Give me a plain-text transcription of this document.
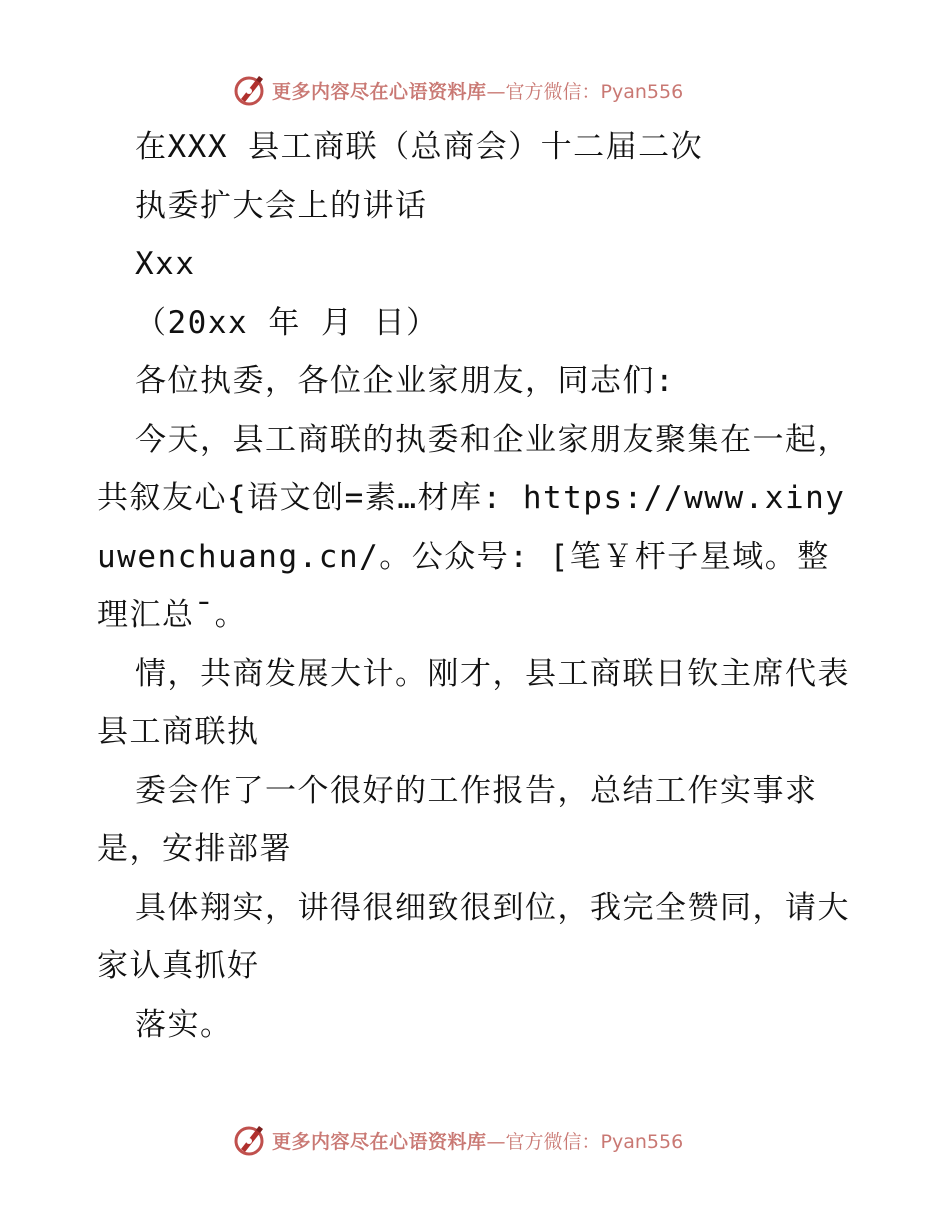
更多内容尽在心语资料库 —官方微信：Pyan556

在XXX 县工商联（总商会）十二届二次

执委扩大会上的讲话

Xxx

（20xx 年 月 日）

各位执委，各位企业家朋友，同志们:

今天，县工商联的执委和企业家朋友聚集在一起，共叙友心{语文创=素…材库: https://www.xinyuwenchuang.cn/。公众号: [笔￥杆子星域。整理汇总¯。

情，共商发展大计。刚才，县工商联日钦主席代表县工商联执

委会作了一个很好的工作报告，总结工作实事求是，安排部署

具体翔实，讲得很细致很到位，我完全赞同，请大家认真抓好

落实。

更多内容尽在心语资料库 —官方微信：Pyan556
